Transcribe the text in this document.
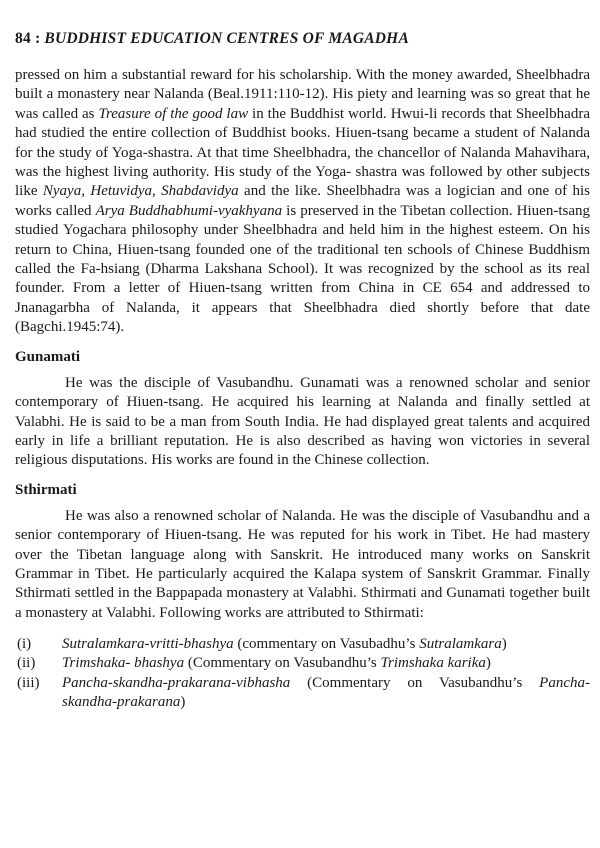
84 : BUDDHIST EDUCATION CENTRES OF MAGADHA

pressed on him a substantial reward for his scholarship. With the money awarded, Sheelbhadra built a monastery near Nalanda (Beal.1911:110-12). His piety and learning was so great that he was called as Treasure of the good law in the Buddhist world. Hwui-li records that Sheelbhadra had studied the entire collection of Buddhist books. Hiuen-tsang became a student of Nalanda for the study of Yoga-shastra. At that time Sheelbhadra, the chancellor of Nalanda Mahavihara, was the highest living authority. His study of the Yoga- shastra was followed by other subjects like Nyaya, Hetuvidya, Shabdavidya and the like. Sheelbhadra was a logician and one of his works called Arya Buddhabhumi-vyakhyana is preserved in the Tibetan collection. Hiuen-tsang studied Yogachara philosophy under Sheelbhadra and held him in the highest esteem. On his return to China, Hiuen-tsang founded one of the traditional ten schools of Chinese Buddhism called the Fa-hsiang (Dharma Lakshana School). It was recognized by the school as its real founder. From a letter of Hiuen-tsang written from China in CE 654 and addressed to Jnanagarbha of Nalanda, it appears that Sheelbhadra died shortly before that date (Bagchi.1945:74).

Gunamati

He was the disciple of Vasubandhu. Gunamati was a renowned scholar and senior contemporary of Hiuen-tsang. He acquired his learning at Nalanda and finally settled at Valabhi. He is said to be a man from South India. He had displayed great talents and acquired early in life a brilliant reputation. He is also described as having won victories in several religious disputations. His works are found in the Chinese collection.

Sthirmati

He was also a renowned scholar of Nalanda. He was the disciple of Vasubandhu and a senior contemporary of Hiuen-tsang. He was reputed for his work in Tibet. He had mastery over the Tibetan language along with Sanskrit. He introduced many works on Sanskrit Grammar in Tibet. He particularly acquired the Kalapa system of Sanskrit Grammar. Finally Sthirmati settled in the Bappapada monastery at Valabhi. Sthirmati and Gunamati together built a monastery at Valabhi. Following works are attributed to Sthirmati:

(i) Sutralamkara-vritti-bhashya (commentary on Vasubadhu’s Sutralamkara)
(ii) Trimshaka- bhashya (Commentary on Vasubandhu’s Trimshaka karika)
(iii) Pancha-skandha-prakarana-vibhasha (Commentary on Vasubandhu’s Pancha-skandha-prakarana)
